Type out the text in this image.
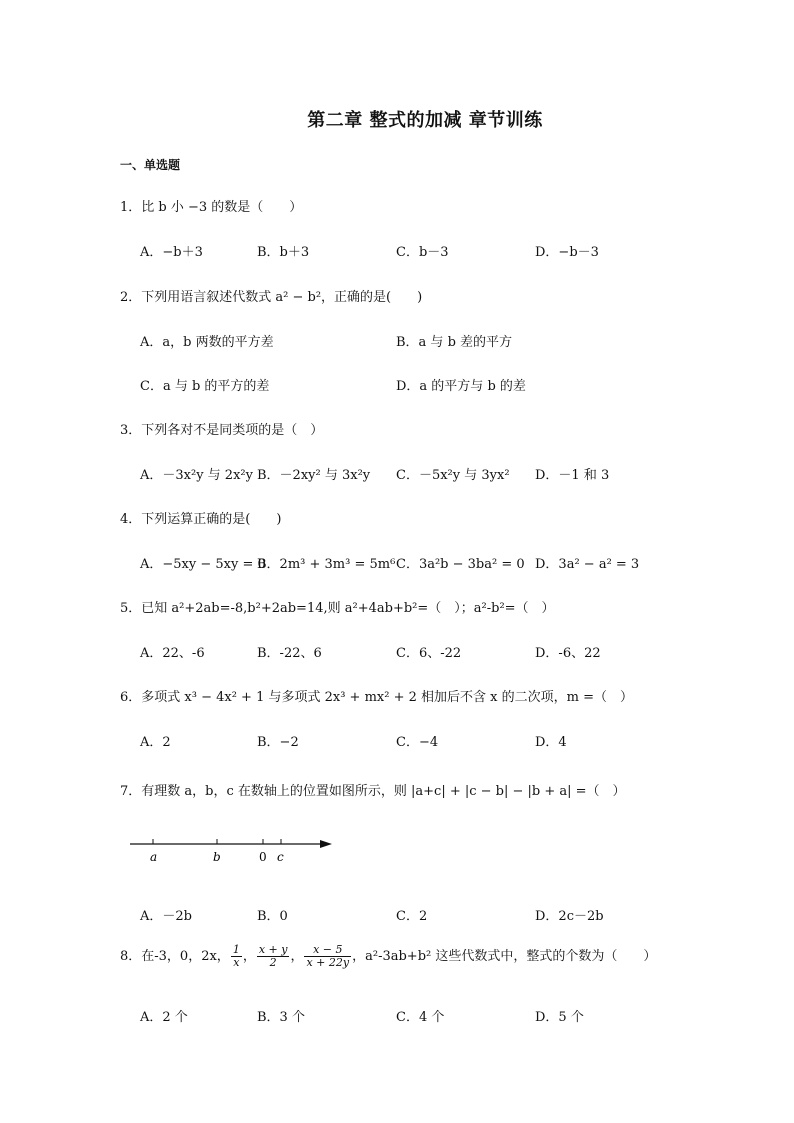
第二章 整式的加减 章节训练
一、单选题
1．比 b 小 −3 的数是（　　）
A．−b＋3	B．b＋3	C．b－3	D．−b－3
2．下列用语言叙述代数式 a² − b²，正确的是(　　)
A．a，b 两数的平方差	B．a 与 b 差的平方
C．a 与 b 的平方的差	D．a 的平方与 b 的差
3．下列各对不是同类项的是（　）
A．－3x²y 与 2x²y B．－2xy² 与 3x²y C．－5x²y 与 3yx² D．－1 和 3
4．下列运算正确的是(　　)
A．−5xy − 5xy = 0
B．2m³ + 3m³ = 5m⁶ C．3a²b − 3ba² = 0 D．3a² − a² = 3
5．已知 a²+2ab=-8,b²+2ab=14,则 a²+4ab+b²=（　）；a²-b²=（　）
A．22、-6	B．-22、6	C．6、-22	D．-6、22
6．多项式 x³ − 4x² + 1 与多项式 2x³ + mx² + 2 相加后不含 x 的二次项，m =（　）
A．2	B．−2	C．−4	D．4
7．有理数 a，b，c 在数轴上的位置如图所示，则 |a+c| + |c − b| − |b + a| =（　）
a	b	0 c
A．－2b	B．0	C．2	D．2c－2b
8．在-3，0，2x， $\frac{1}{x}$ ， $\frac{x + y}{2}$ ， $\frac{x - 5}{x + 22y}$ ，a²-3ab+b² 这些代数式中，整式的个数为（　　）
A．2 个	B．3 个	C．4 个	D．5 个
